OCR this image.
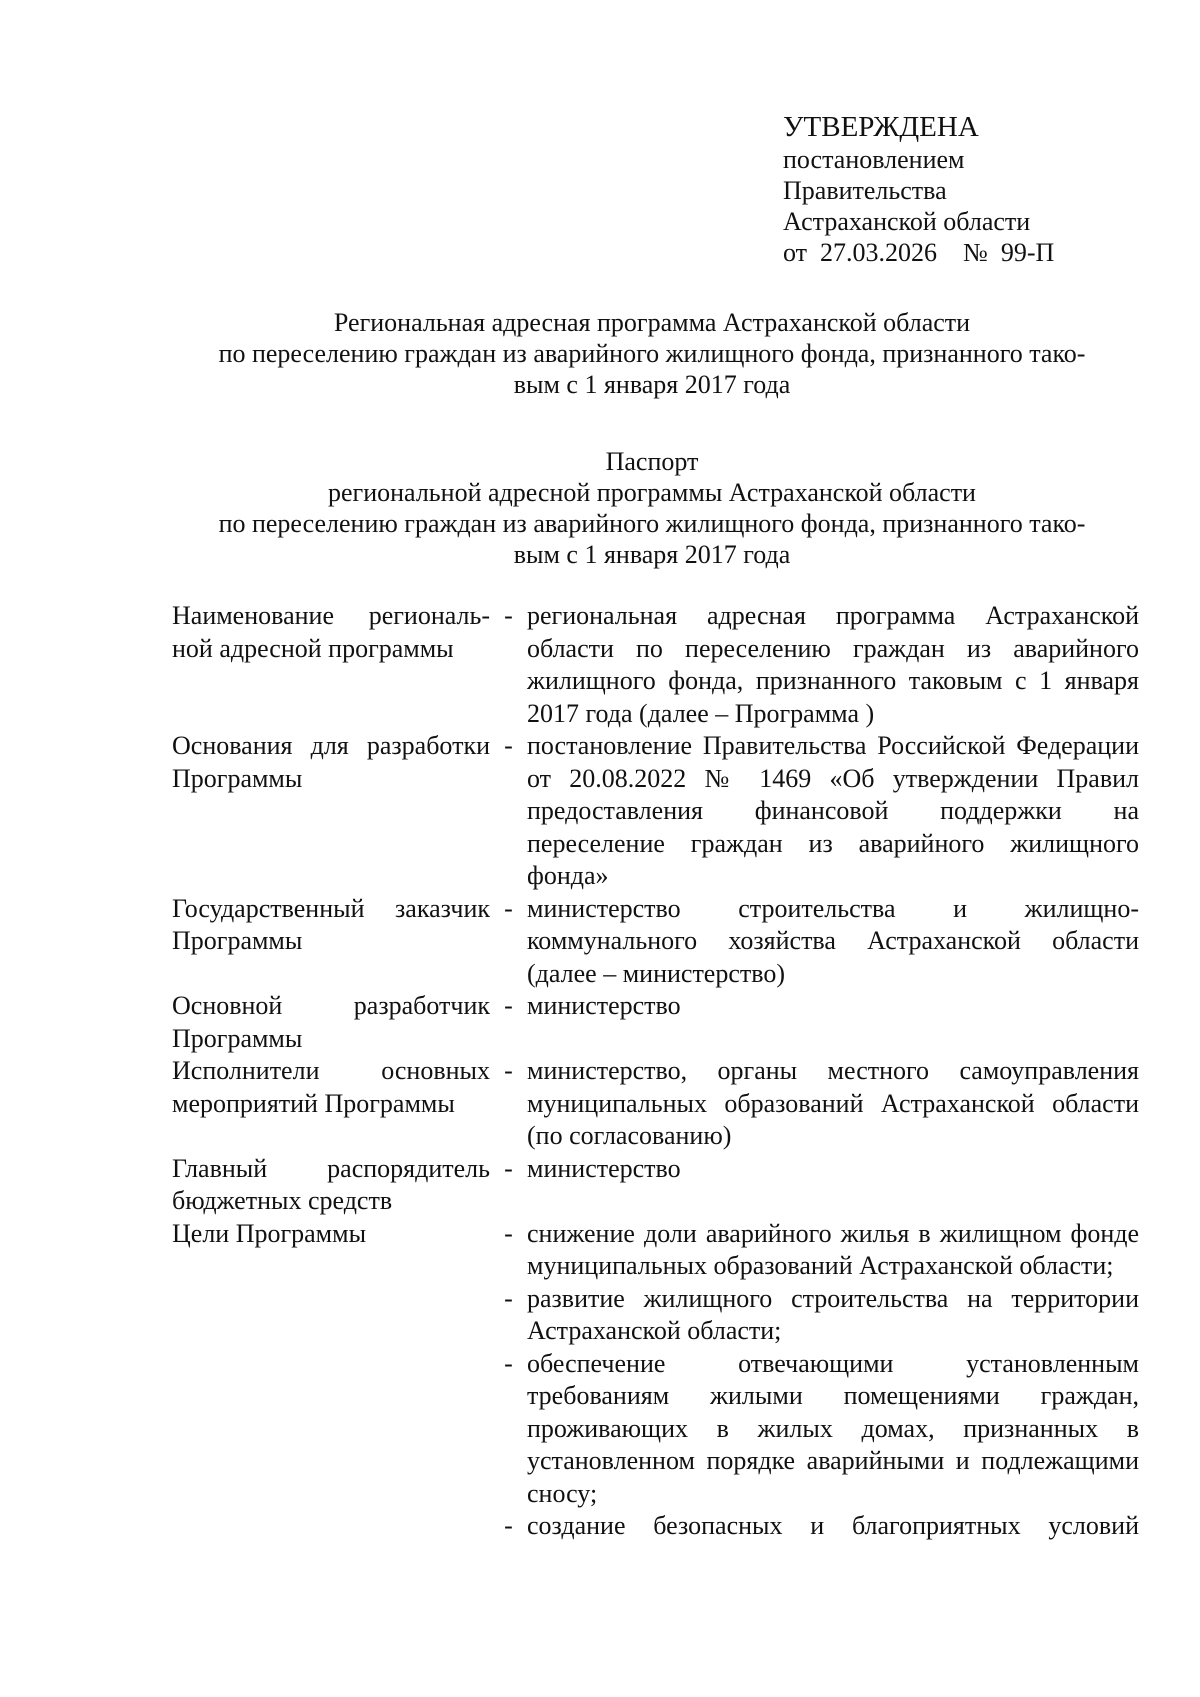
УТВЕРЖДЕНА
постановлением
Правительства
Астраханской области
от 27.03.2026 № 99-П
Региональная адресная программа Астраханской области
по переселению граждан из аварийного жилищного фонда, признанного тако-
вым с 1 января 2017 года
Паспорт
региональной адресной программы Астраханской области
по переселению граждан из аварийного жилищного фонда, признанного тако-
вым с 1 января 2017 года
Наименование региональ- ной адресной программы
- региональная адресная программа Астраханской области по переселению граждан из аварийного жилищного фонда, признанного таковым с 1 января 2017 года (далее – Программа )
Основания для разработки Программы
- постановление Правительства Российской Федерации от 20.08.2022 № 1469 «Об утверждении Правил предоставления финансовой поддержки на переселение граждан из аварийного жилищного фонда»
Государственный заказчик Программы
- министерство строительства и жилищно-коммунального хозяйства Астраханской области (далее – министерство)
Основной разработчик Программы
- министерство
Исполнители основных мероприятий Программы
- министерство, органы местного самоуправления муниципальных образований Астраханской области (по согласованию)
Главный распорядитель бюджетных средств
- министерство
Цели Программы	- снижение доли аварийного жилья в жилищном фонде муниципальных образований Астраханской области;
- развитие жилищного строительства на территории Астраханской области;
- обеспечение отвечающими установленным требованиям жилыми помещениями граждан, проживающих в жилых домах, признанных в установленном порядке аварийными и подлежащими сносу;
- создание безопасных и благоприятных условий
